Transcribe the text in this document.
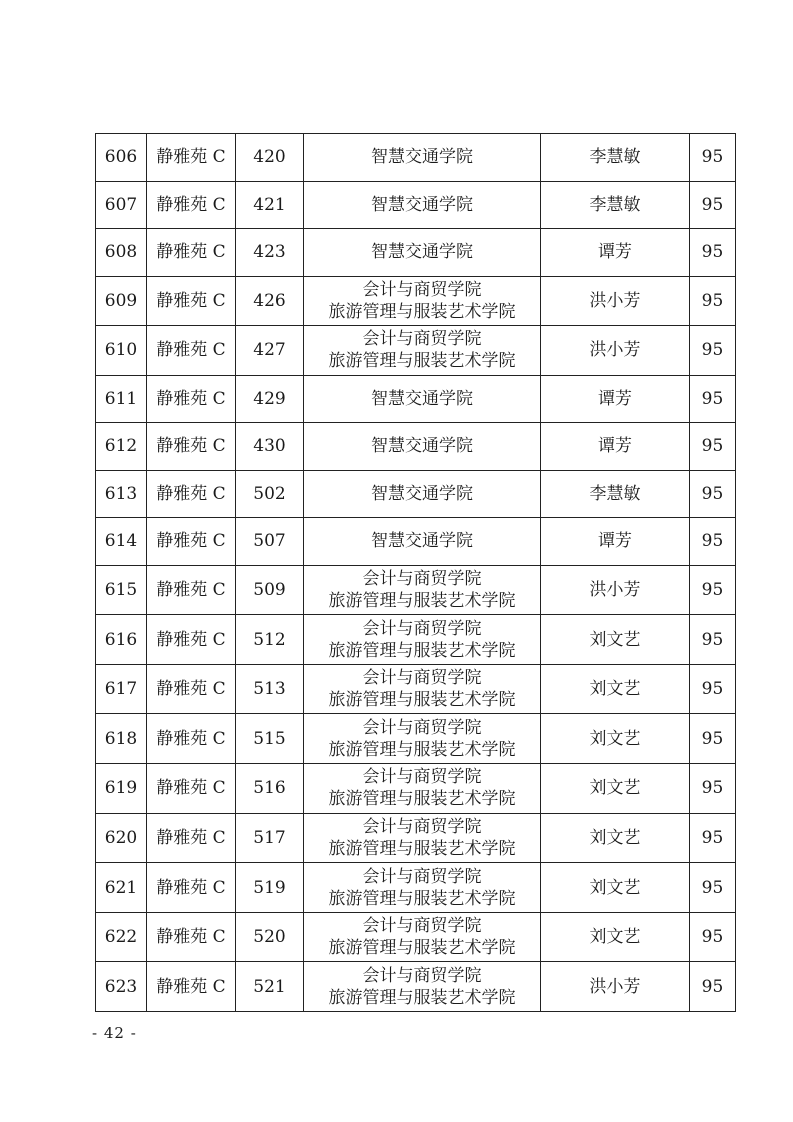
606	静雅苑 C	420	智慧交通学院	李慧敏	95
607	静雅苑 C	421	智慧交通学院	李慧敏	95
608	静雅苑 C	423	智慧交通学院	谭芳	95
609	静雅苑 C	426	会计与商贸学院
旅游管理与服装艺术学院	洪小芳	95
610	静雅苑 C	427	会计与商贸学院
旅游管理与服装艺术学院	洪小芳	95
611	静雅苑 C	429	智慧交通学院	谭芳	95
612	静雅苑 C	430	智慧交通学院	谭芳	95
613	静雅苑 C	502	智慧交通学院	李慧敏	95
614	静雅苑 C	507	智慧交通学院	谭芳	95
615	静雅苑 C	509	会计与商贸学院
旅游管理与服装艺术学院	洪小芳	95
616	静雅苑 C	512	会计与商贸学院
旅游管理与服装艺术学院	刘文艺	95
617	静雅苑 C	513	会计与商贸学院
旅游管理与服装艺术学院	刘文艺	95
618	静雅苑 C	515	会计与商贸学院
旅游管理与服装艺术学院	刘文艺	95
619	静雅苑 C	516	会计与商贸学院
旅游管理与服装艺术学院	刘文艺	95
620	静雅苑 C	517	会计与商贸学院
旅游管理与服装艺术学院	刘文艺	95
621	静雅苑 C	519	会计与商贸学院
旅游管理与服装艺术学院	刘文艺	95
622	静雅苑 C	520	会计与商贸学院
旅游管理与服装艺术学院	刘文艺	95
623	静雅苑 C	521	会计与商贸学院
旅游管理与服装艺术学院	洪小芳	95
- 42 -
